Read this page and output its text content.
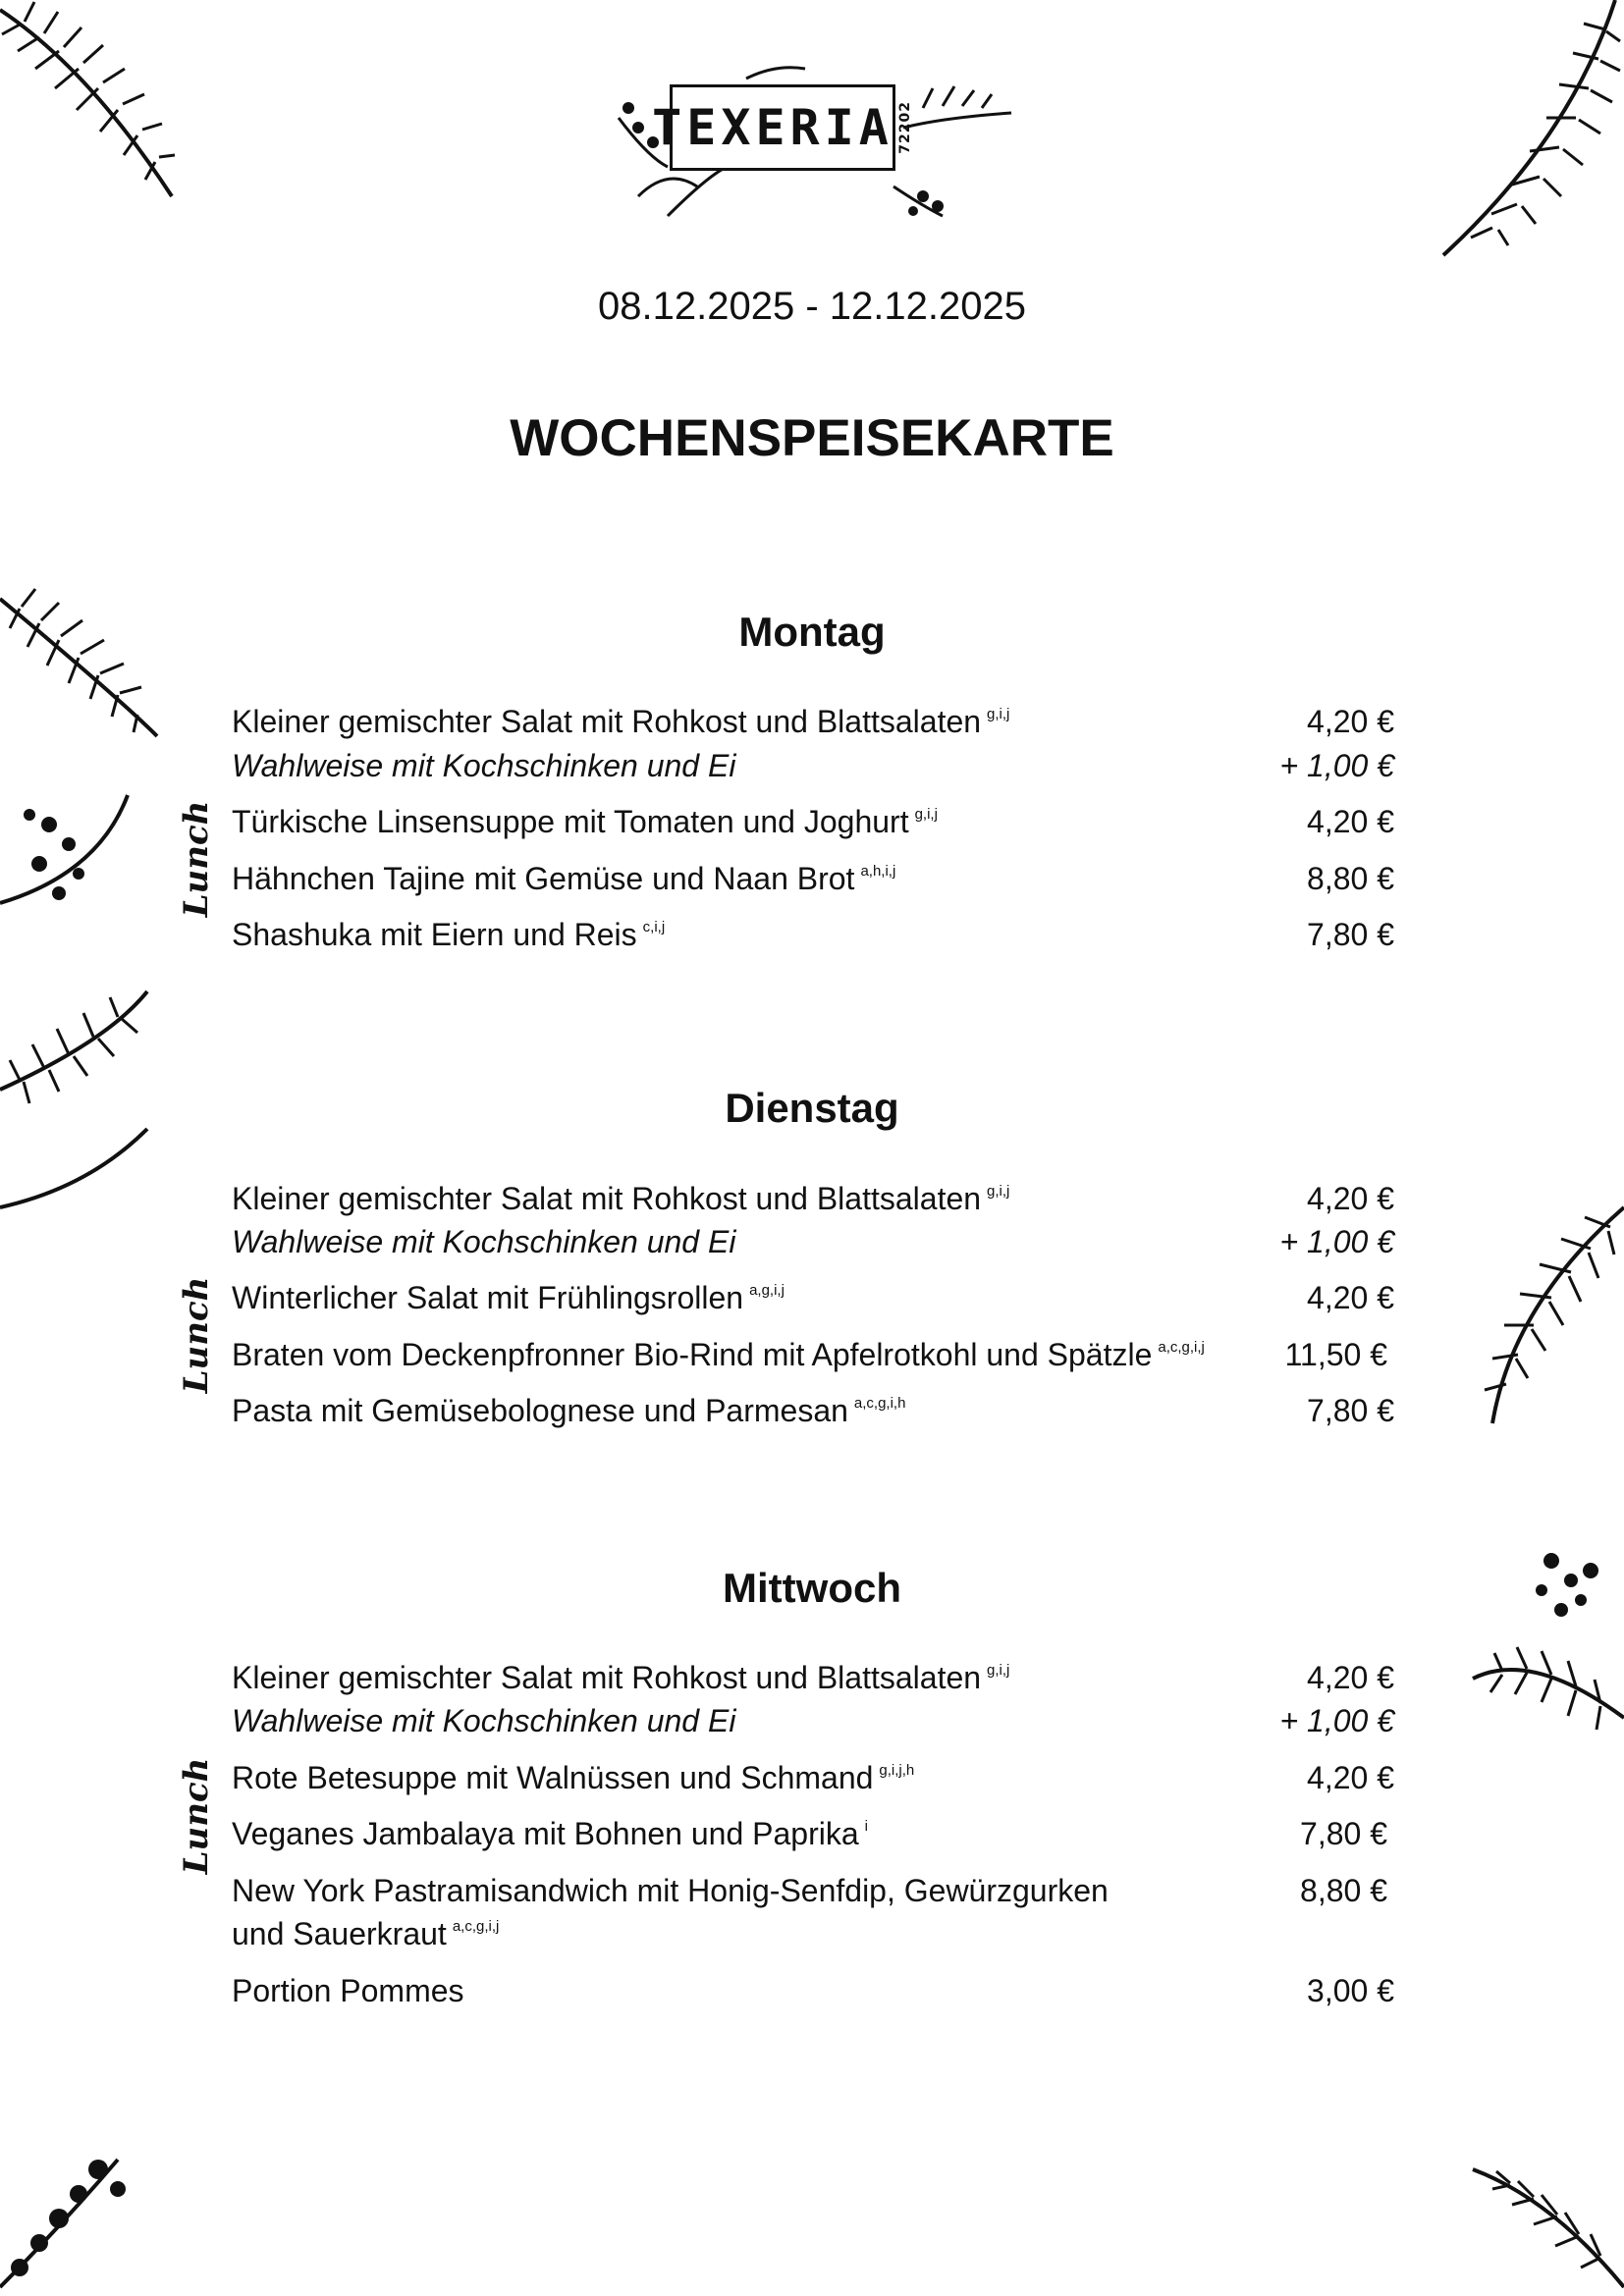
TEXERIA 72202
08.12.2025 - 12.12.2025
WOCHENSPEISEKARTE
Montag
Lunch
Kleiner gemischter Salat mit Rohkost und Blattsalaten $^{g,i,j}$	4,20 €
Wahlweise mit Kochschinken und Ei	+ 1,00 €
Türkische Linsensuppe mit Tomaten und Joghurt $^{g,i,j}$	4,20 €
Hähnchen Tajine mit Gemüse und Naan Brot $^{a,h,i,j}$	8,80 €
Shashuka mit Eiern und Reis $^{c,i,j}$	7,80 €
Dienstag
Lunch
Kleiner gemischter Salat mit Rohkost und Blattsalaten $^{g,i,j}$	4,20 €
Wahlweise mit Kochschinken und Ei	+ 1,00 €
Winterlicher Salat mit Frühlingsrollen $^{a,g,i,j}$	4,20 €
Braten vom Deckenpfronner Bio-Rind mit Apfelrotkohl und Spätzle $^{a,c,g,i,j}$	11,50 €
Pasta mit Gemüsebolognese und Parmesan $^{a,c,g,i,h}$	7,80 €
Mittwoch
Lunch
Kleiner gemischter Salat mit Rohkost und Blattsalaten $^{g,i,j}$	4,20 €
Wahlweise mit Kochschinken und Ei	+ 1,00 €
Rote Betesuppe mit Walnüssen und Schmand $^{g,i,j,h}$	4,20 €
Veganes Jambalaya mit Bohnen und Paprika $^i$	7,80 €
New York Pastramisandwich mit Honig-Senfdip, Gewürzgurken	8,80 €
und Sauerkraut $^{a,c,g,i,j}$
Portion Pommes	3,00 €
